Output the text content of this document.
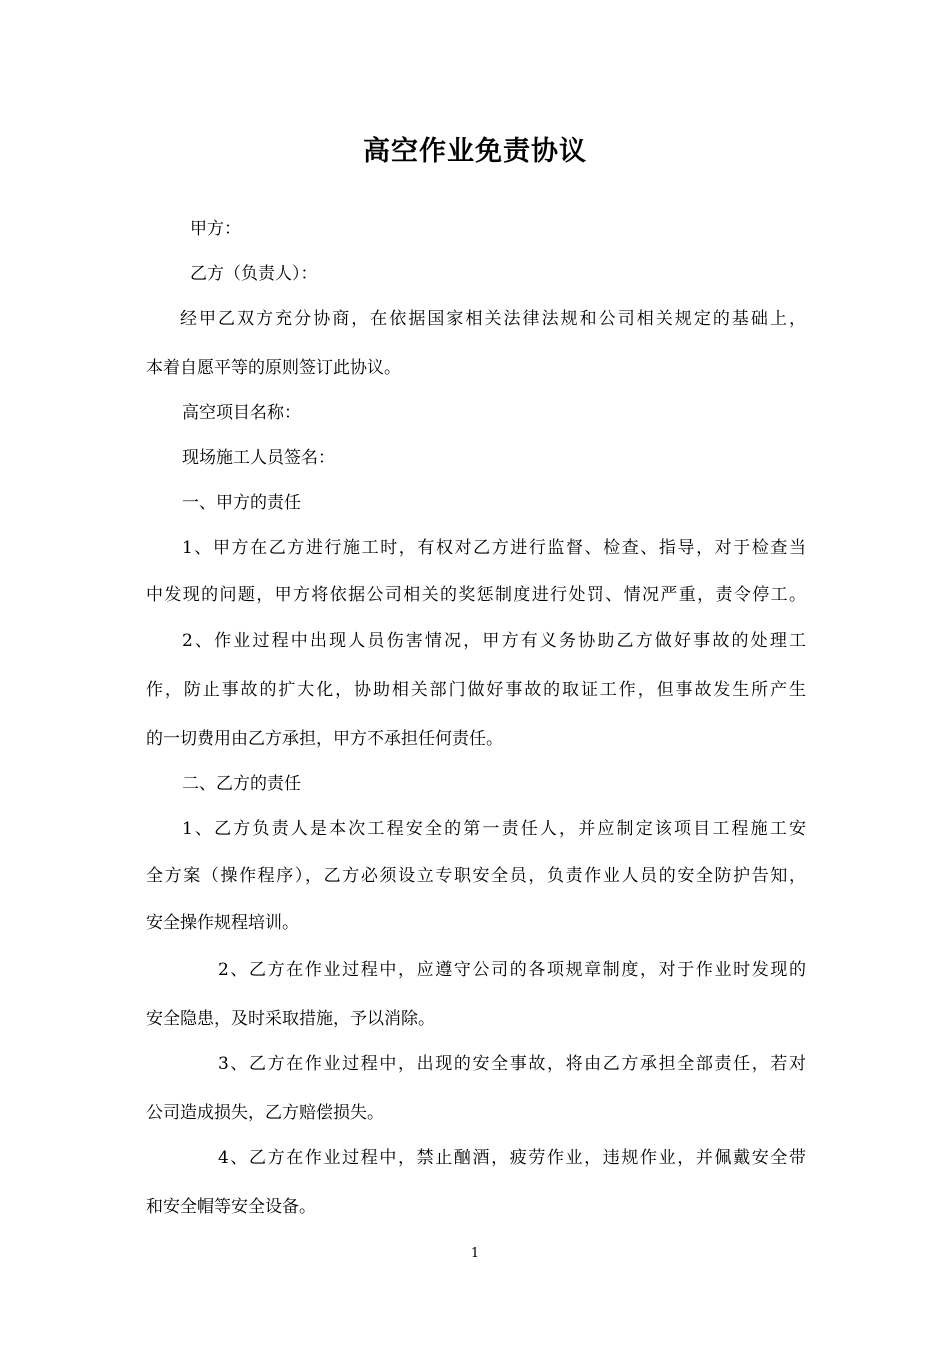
高空作业免责协议
甲方：
乙方（负责人）：
经甲乙双方充分协商，在依据国家相关法律法规和公司相关规定的基础上，
本着自愿平等的原则签订此协议。
高空项目名称：
现场施工人员签名：
一、甲方的责任
1、甲方在乙方进行施工时，有权对乙方进行监督、检查、指导，对于检查当
中发现的问题，甲方将依据公司相关的奖惩制度进行处罚、情况严重，责令停工。
2、作业过程中出现人员伤害情况，甲方有义务协助乙方做好事故的处理工
作，防止事故的扩大化，协助相关部门做好事故的取证工作，但事故发生所产生
的一切费用由乙方承担，甲方不承担任何责任。
二、乙方的责任
1、乙方负责人是本次工程安全的第一责任人，并应制定该项目工程施工安
全方案（操作程序），乙方必须设立专职安全员，负责作业人员的安全防护告知，
安全操作规程培训。
2、乙方在作业过程中，应遵守公司的各项规章制度，对于作业时发现的
安全隐患，及时采取措施，予以消除。
3、乙方在作业过程中，出现的安全事故，将由乙方承担全部责任，若对
公司造成损失，乙方赔偿损失。
4、乙方在作业过程中，禁止酗酒，疲劳作业，违规作业，并佩戴安全带
和安全帽等安全设备。
1
